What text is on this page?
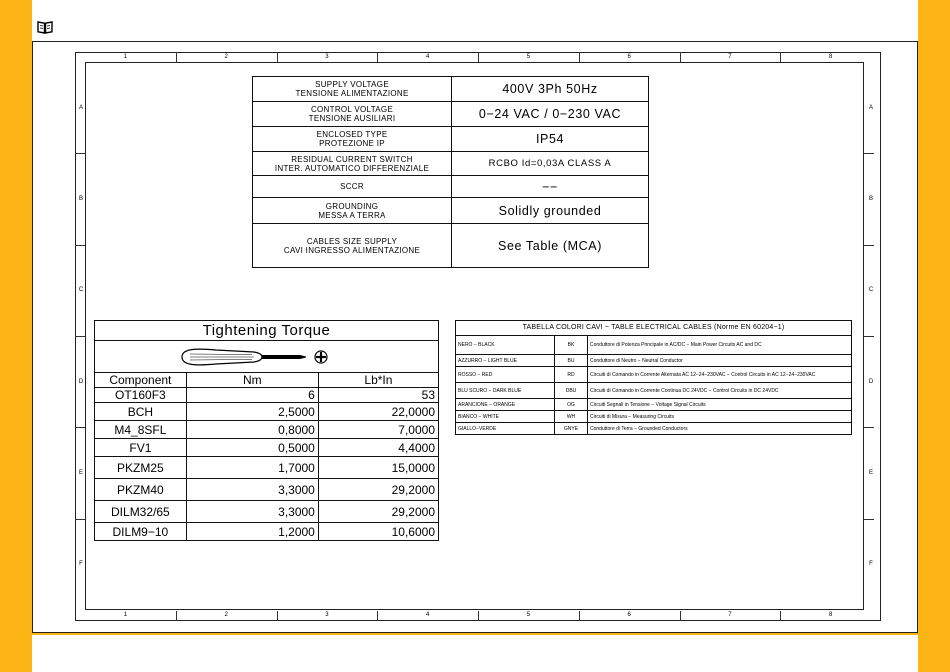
1
1
2
2
3
3
4
4
5
5
6
6
7
7
8
8
A	A
B	B
C	C
D	D
E	E
F	F
SUPPLY VOLTAGE
TENSIONE ALIMENTAZIONE	400V 3Ph 50Hz

CONTROL VOLTAGE
TENSIONE AUSILIARI	0−24 VAC / 0−230 VAC

ENCLOSED TYPE
PROTEZIONE IP	IP54

RESIDUAL CURRENT SWITCH
INTER. AUTOMATICO DIFFERENZIALE	RCBO Id=0,03A CLASS A

SCCR	−−

GROUNDING
MESSA A TERRA	Solidly grounded

CABLES SIZE SUPPLY
CAVI INGRESSO ALIMENTAZIONE	See Table (MCA)
Tightening Torque		

Component	Nm	Lb*In
OT160F3	6	53
BCH	2,5000	22,0000
M4_8SFL	0,8000	7,0000
FV1	0,5000	4,4000
PKZM25	1,7000	15,0000
PKZM40	3,3000	29,2000
DILM32/65	3,3000	29,2000
DILM9−10	1,2000	10,6000
TABELLA COLORI CAVI − TABLE ELECTRICAL CABLES (Norme EN 60204−1)		
NERO − BLACK	BK	Conduttore di Potenza Principale in AC/DC − Main Power Circuits AC and DC
AZZURRO − LIGHT BLUE	BU	Conduttore di Neutro − Neutral Conductor
ROSSO − RED	RD	Circuiti di Comando in Corrente Alternata AC 12−24−230VAC − Control Circuits in AC 12−24−230VAC
BLU SCURO − DARK BLUE	DBU	Circuiti di Comando in Corrente Continua DC 24VDC − Control Circuits in DC 24VDC
ARANCIONE − ORANGE	OG	Circuiti Segnali in Tensione − Voltage Signal Circuits
BIANCO − WHITE	WH	Circuiti di Misura − Measuring Circuits
GIALLO−VERDE	GNYE	Conduttore di Terra − Grounded Conductors
